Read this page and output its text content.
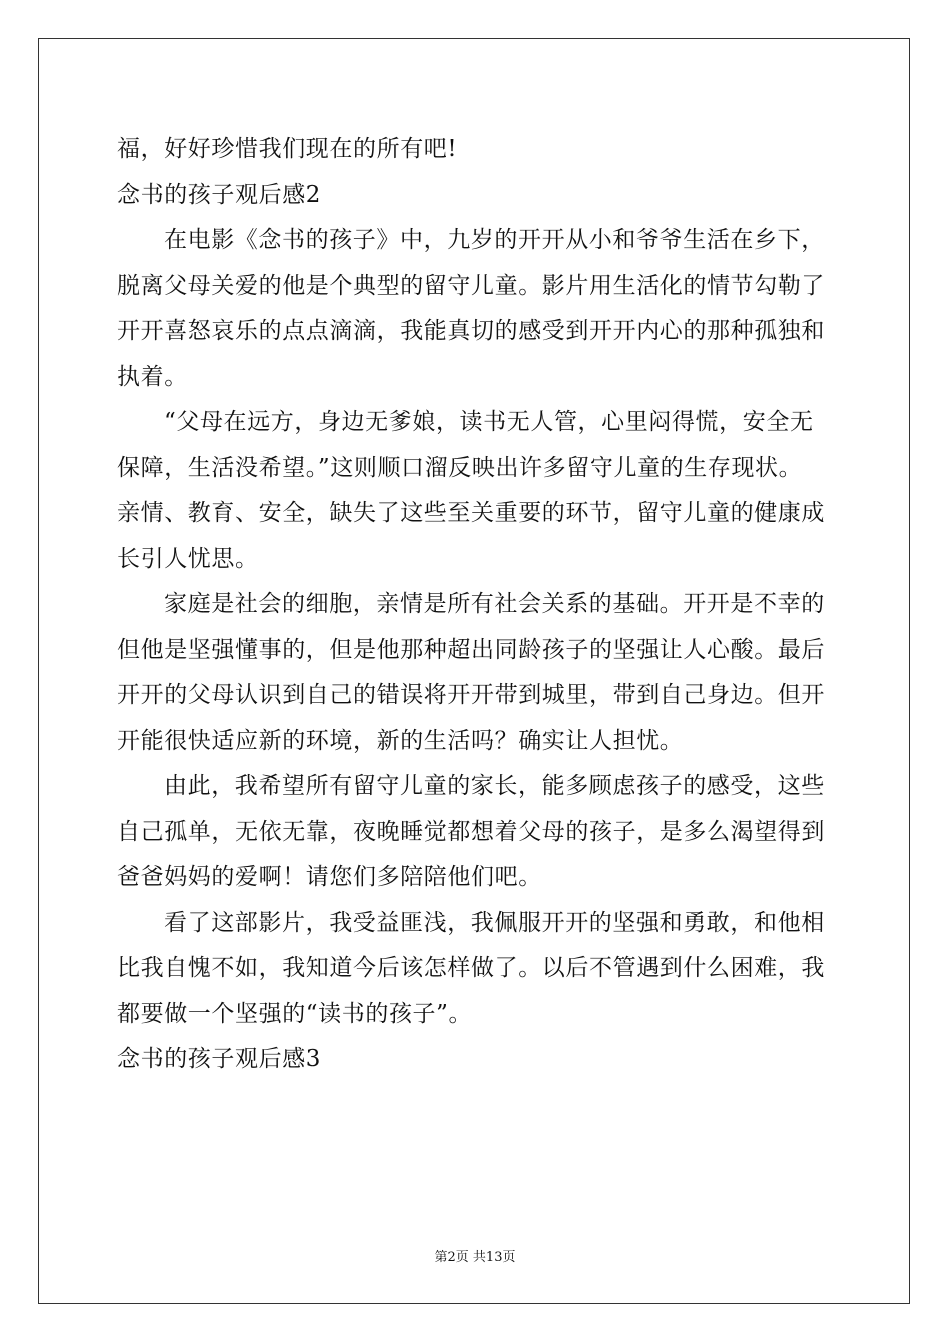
福，好好珍惜我们现在的所有吧!
念书的孩子观后感2
在电影《念书的孩子》中，九岁的开开从小和爷爷生活在乡下，
脱离父母关爱的他是个典型的留守儿童。影片用生活化的情节勾勒了
开开喜怒哀乐的点点滴滴，我能真切的感受到开开内心的那种孤独和
执着。
“父母在远方，身边无爹娘，读书无人管，心里闷得慌，安全无
保障，生活没希望。”这则顺口溜反映出许多留守儿童的生存现状。
亲情、教育、安全，缺失了这些至关重要的环节，留守儿童的健康成
长引人忧思。
家庭是社会的细胞，亲情是所有社会关系的基础。开开是不幸的
但他是坚强懂事的，但是他那种超出同龄孩子的坚强让人心酸。最后
开开的父母认识到自己的错误将开开带到城里，带到自己身边。但开
开能很快适应新的环境，新的生活吗？确实让人担忧。
由此，我希望所有留守儿童的家长，能多顾虑孩子的感受，这些
自己孤单，无依无靠，夜晚睡觉都想着父母的孩子，是多么渴望得到
爸爸妈妈的爱啊！请您们多陪陪他们吧。
看了这部影片，我受益匪浅，我佩服开开的坚强和勇敢，和他相
比我自愧不如，我知道今后该怎样做了。以后不管遇到什么困难，我
都要做一个坚强的“读书的孩子”。
念书的孩子观后感3
第2页 共13页
